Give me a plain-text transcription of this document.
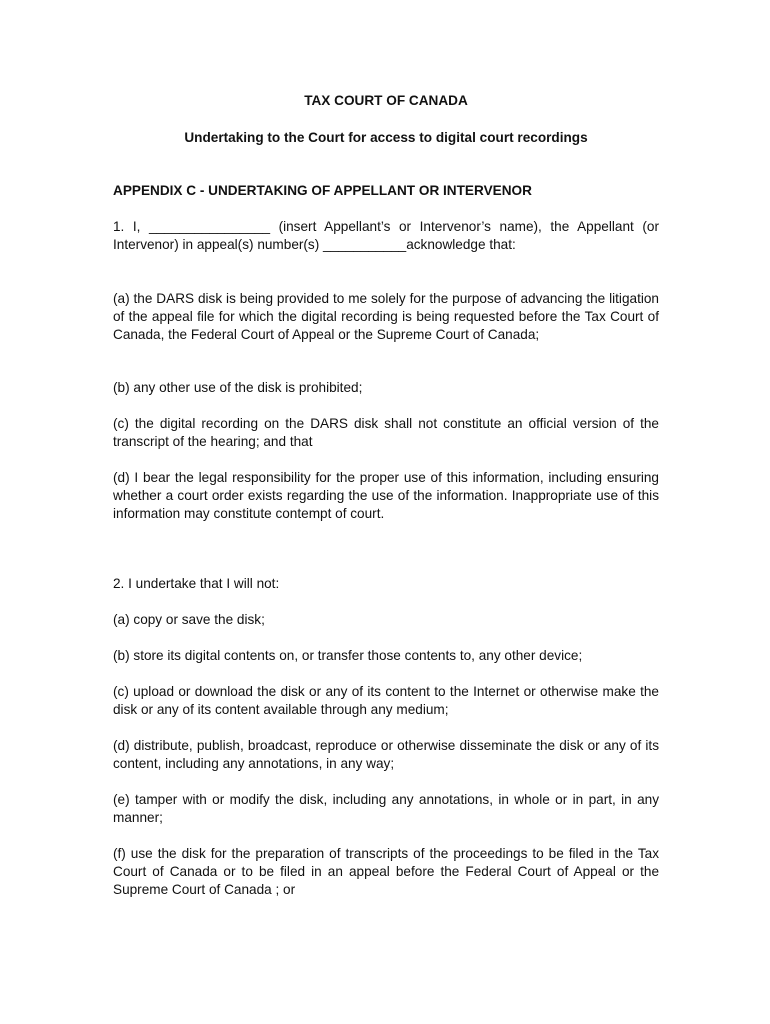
TAX COURT OF CANADA

Undertaking to the Court for access to digital court recordings

APPENDIX C - UNDERTAKING OF APPELLANT OR INTERVENOR

1. I, ________________ (insert Appellant’s or Intervenor’s name), the Appellant (or Intervenor) in appeal(s) number(s) ___________acknowledge that:

(a) the DARS disk is being provided to me solely for the purpose of advancing the litigation of the appeal file for which the digital recording is being requested before the Tax Court of Canada, the Federal Court of Appeal or the Supreme Court of Canada;

(b) any other use of the disk is prohibited;

(c) the digital recording on the DARS disk shall not constitute an official version of the transcript of the hearing; and that

(d) I bear the legal responsibility for the proper use of this information, including ensuring whether a court order exists regarding the use of the information. Inappropriate use of this information may constitute contempt of court.

2. I undertake that I will not:

(a) copy or save the disk;

(b) store its digital contents on, or transfer those contents to, any other device;

(c) upload or download the disk or any of its content to the Internet or otherwise make the disk or any of its content available through any medium;

(d) distribute, publish, broadcast, reproduce or otherwise disseminate the disk or any of its content, including any annotations, in any way;

(e) tamper with or modify the disk, including any annotations, in whole or in part, in any manner;

(f) use the disk for the preparation of transcripts of the proceedings to be filed in the Tax Court of Canada or to be filed in an appeal before the Federal Court of Appeal or the Supreme Court of Canada ; or
